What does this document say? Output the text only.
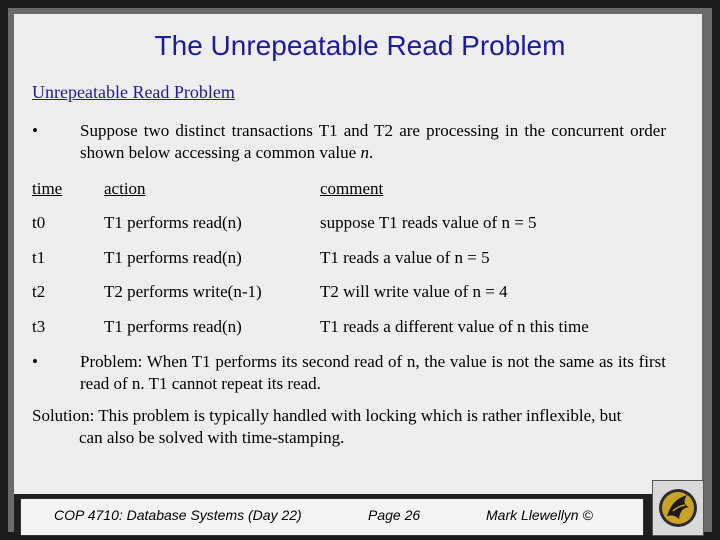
The Unrepeatable Read Problem
Unrepeatable Read Problem
• Suppose two distinct transactions T1 and T2 are processing in the concurrent order shown below accessing a common value n.
time action	comment
t0	T1 performs read(n)	suppose T1 reads value of n = 5
t1	T1 performs read(n)	T1 reads a value of n = 5
t2	T2 performs write(n-1)	T2 will write value of n = 4
t3	T1 performs read(n)	T1 reads a different value of n this time
• Problem: When T1 performs its second read of n, the value is not the same as its first read of n. T1 cannot repeat its read.
Solution: This problem is typically handled with locking which is rather inflexible, but
can also be solved with time-stamping.
COP 4710: Database Systems (Day 22)	Page 26	Mark Llewellyn ©
